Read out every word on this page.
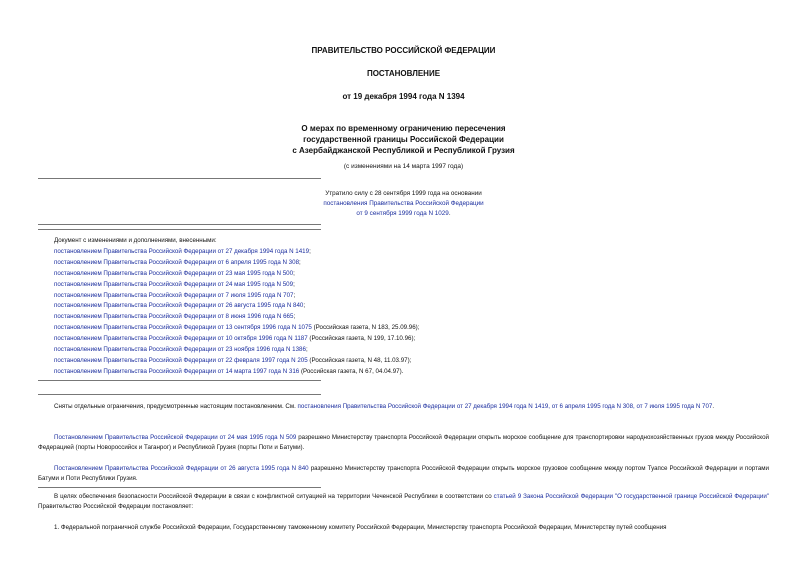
ПРАВИТЕЛЬСТВО РОССИЙСКОЙ ФЕДЕРАЦИИ
ПОСТАНОВЛЕНИЕ
от 19 декабря 1994 года N 1394
О мерах по временному ограничению пересечения
государственной границы Российской Федерации
с Азербайджанской Республикой и Республикой Грузия
(с изменениями на 14 марта 1997 года)
Утратило силу с 28 сентября 1999 года на основании
постановления Правительства Российской Федерации
от 9 сентября 1999 года N 1029.
Документ с изменениями и дополнениями, внесенными:
постановлением Правительства Российской Федерации от 27 декабря 1994 года N 1419;
постановлением Правительства Российской Федерации от 6 апреля 1995 года N 308;
постановлением Правительства Российской Федерации от 23 мая 1995 года N 500;
постановлением Правительства Российской Федерации от 24 мая 1995 года N 509;
постановлением Правительства Российской Федерации от 7 июля 1995 года N 707;
постановлением Правительства Российской Федерации от 26 августа 1995 года N 840;
постановлением Правительства Российской Федерации от 8 июня 1996 года N 665;
постановлением Правительства Российской Федерации от 13 сентября 1996 года N 1075 (Российская газета, N 183, 25.09.96);
постановлением Правительства Российской Федерации от 10 октября 1996 года N 1187 (Российская газета, N 199, 17.10.96);
постановлением Правительства Российской Федерации от 23 ноября 1996 года N 1386;
постановлением Правительства Российской Федерации от 22 февраля 1997 года N 205 (Российская газета, N 48, 11.03.97);
постановлением Правительства Российской Федерации от 14 марта 1997 года N 316 (Российская газета, N 67, 04.04.97).
Сняты отдельные ограничения, предусмотренные настоящим постановлением. См. постановления Правительства Российской Федерации от 27 декабря 1994 года N 1419, от 6 апреля 1995 года N 308, от 7 июля 1995 года N 707.
Постановлением Правительства Российской Федерации от 24 мая 1995 года N 509 разрешено Министерству транспорта Российской Федерации открыть морское сообщение для транспортировки народнохозяйственных грузов между Российской Федерацией (порты Новороссийск и Таганрог) и Республикой Грузия (порты Поти и Батуми).
Постановлением Правительства Российской Федерации от 26 августа 1995 года N 840 разрешено Министерству транспорта Российской Федерации открыть морское грузовое сообщение между портом Туапсе Российской Федерации и портами Батуми и Поти Республики Грузия.
В целях обеспечения безопасности Российской Федерации в связи с конфликтной ситуацией на территории Чеченской Республики в соответствии со статьей 9 Закона Российской Федерации "О государственной границе Российской Федерации" Правительство Российской Федерации постановляет:
1. Федеральной пограничной службе Российской Федерации, Государственному таможенному комитету Российской Федерации, Министерству транспорта Российской Федерации, Министерству путей сообщения
